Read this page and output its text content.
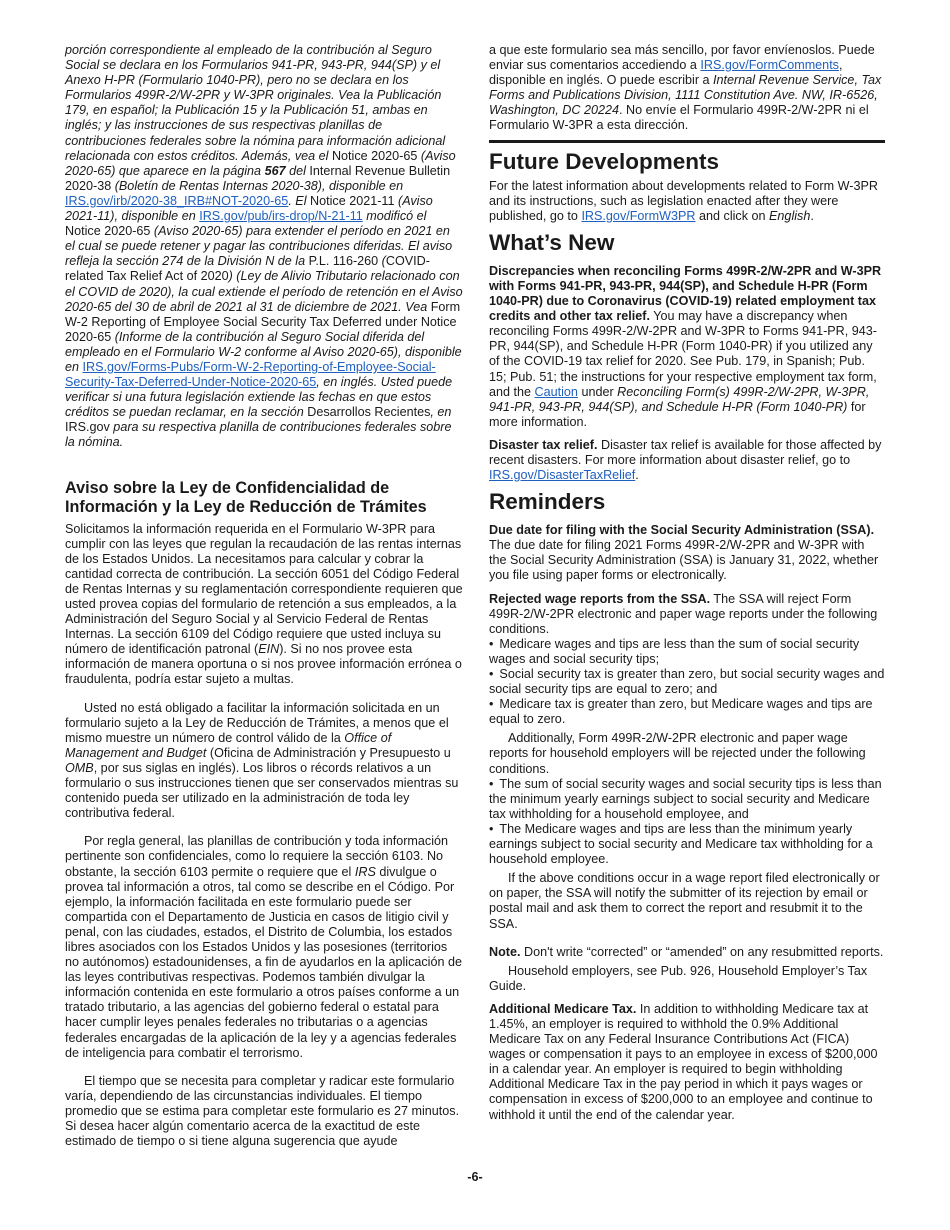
porción correspondiente al empleado de la contribución al Seguro Social se declara en los Formularios 941-PR, 943-PR, 944(SP) y el Anexo H-PR (Formulario 1040-PR), pero no se declara en los Formularios 499R-2/W-2PR y W-3PR originales. Vea la Publicación 179, en español; la Publicación 15 y la Publicación 51, ambas en inglés; y las instrucciones de sus respectivas planillas de contribuciones federales sobre la nómina para información adicional relacionada con estos créditos. Además, vea el Notice 2020-65 (Aviso 2020-65) que aparece en la página 567 del Internal Revenue Bulletin 2020-38 (Boletín de Rentas Internas 2020-38), disponible en IRS.gov/irb/2020-38_IRB#NOT-2020-65. El Notice 2021-11 (Aviso 2021-11), disponible en IRS.gov/pub/irs-drop/N-21-11 modificó el Notice 2020-65 (Aviso 2020-65) para extender el período en 2021 en el cual se puede retener y pagar las contribuciones diferidas. El aviso refleja la sección 274 de la División N de la P.L. 116-260 (COVID-related Tax Relief Act of 2020) (Ley de Alivio Tributario relacionado con el COVID de 2020), la cual extiende el período de retención en el Aviso 2020-65 del 30 de abril de 2021 al 31 de diciembre de 2021. Vea Form W-2 Reporting of Employee Social Security Tax Deferred under Notice 2020-65 (Informe de la contribución al Seguro Social diferida del empleado en el Formulario W-2 conforme al Aviso 2020-65), disponible en IRS.gov/Forms-Pubs/Form-W-2-Reporting-of-Employee-Social-Security-Tax-Deferred-Under-Notice-2020-65, en inglés. Usted puede verificar si una futura legislación extiende las fechas en que estos créditos se puedan reclamar, en la sección Desarrollos Recientes, en IRS.gov para su respectiva planilla de contribuciones federales sobre la nómina.

Aviso sobre la Ley de Confidencialidad de Información y la Ley de Reducción de Trámites

Solicitamos la información requerida en el Formulario W-3PR para cumplir con las leyes que regulan la recaudación de las rentas internas de los Estados Unidos. La necesitamos para calcular y cobrar la cantidad correcta de contribución. La sección 6051 del Código Federal de Rentas Internas y su reglamentación correspondiente requieren que usted provea copias del formulario de retención a sus empleados, a la Administración del Seguro Social y al Servicio Federal de Rentas Internas. La sección 6109 del Código requiere que usted incluya su número de identificación patronal (EIN). Si no nos provee esta información de manera oportuna o si nos provee información errónea o fraudulenta, podría estar sujeto a multas.

Usted no está obligado a facilitar la información solicitada en un formulario sujeto a la Ley de Reducción de Trámites, a menos que el mismo muestre un número de control válido de la Office of Management and Budget (Oficina de Administración y Presupuesto u OMB, por sus siglas en inglés). Los libros o récords relativos a un formulario o sus instrucciones tienen que ser conservados mientras su contenido pueda ser utilizado en la administración de toda ley contributiva federal.

Por regla general, las planillas de contribución y toda información pertinente son confidenciales, como lo requiere la sección 6103. No obstante, la sección 6103 permite o requiere que el IRS divulgue o provea tal información a otros, tal como se describe en el Código. Por ejemplo, la información facilitada en este formulario puede ser compartida con el Departamento de Justicia en casos de litigio civil y penal, con las ciudades, estados, el Distrito de Columbia, los estados libres asociados con los Estados Unidos y las posesiones (territorios no autónomos) estadounidenses, a fin de ayudarlos en la aplicación de las leyes contributivas respectivas. Podemos también divulgar la información contenida en este formulario a otros países conforme a un tratado tributario, a las agencias del gobierno federal o estatal para hacer cumplir leyes penales federales no tributarias o a agencias federales encargadas de la aplicación de la ley y a agencias federales de inteligencia para combatir el terrorismo.

El tiempo que se necesita para completar y radicar este formulario varía, dependiendo de las circunstancias individuales. El tiempo promedio que se estima para completar este formulario es 27 minutos. Si desea hacer algún comentario acerca de la exactitud de este estimado de tiempo o si tiene alguna sugerencia que ayude

a que este formulario sea más sencillo, por favor envíenoslos. Puede enviar sus comentarios accediendo a IRS.gov/FormComments, disponible en inglés. O puede escribir a Internal Revenue Service, Tax Forms and Publications Division, 1111 Constitution Ave. NW, IR-6526, Washington, DC 20224. No envíe el Formulario 499R-2/W-2PR ni el Formulario W-3PR a esta dirección.

Future Developments

For the latest information about developments related to Form W-3PR and its instructions, such as legislation enacted after they were published, go to IRS.gov/FormW3PR and click on English.

What’s New

Discrepancies when reconciling Forms 499R-2/W-2PR and W-3PR with Forms 941-PR, 943-PR, 944(SP), and Schedule H-PR (Form 1040-PR) due to Coronavirus (COVID-19) related employment tax credits and other tax relief. You may have a discrepancy when reconciling Forms 499R-2/W-2PR and W-3PR to Forms 941-PR, 943-PR, 944(SP), and Schedule H-PR (Form 1040-PR) if you utilized any of the COVID-19 tax relief for 2020. See Pub. 179, in Spanish; Pub. 15; Pub. 51; the instructions for your respective employment tax form, and the Caution under Reconciling Form(s) 499R-2/W-2PR, W-3PR, 941-PR, 943-PR, 944(SP), and Schedule H-PR (Form 1040-PR) for more information.

Disaster tax relief. Disaster tax relief is available for those affected by recent disasters. For more information about disaster relief, go to IRS.gov/DisasterTaxRelief.

Reminders

Due date for filing with the Social Security Administration (SSA). The due date for filing 2021 Forms 499R-2/W-2PR and W-3PR with the Social Security Administration (SSA) is January 31, 2022, whether you file using paper forms or electronically.

Rejected wage reports from the SSA. The SSA will reject Form 499R-2/W-2PR electronic and paper wage reports under the following conditions.

• Medicare wages and tips are less than the sum of social security wages and social security tips;
• Social security tax is greater than zero, but social security wages and social security tips are equal to zero; and
• Medicare tax is greater than zero, but Medicare wages and tips are equal to zero.

Additionally, Form 499R-2/W-2PR electronic and paper wage reports for household employers will be rejected under the following conditions.

• The sum of social security wages and social security tips is less than the minimum yearly earnings subject to social security and Medicare tax withholding for a household employee, and
• The Medicare wages and tips are less than the minimum yearly earnings subject to social security and Medicare tax withholding for a household employee.

If the above conditions occur in a wage report filed electronically or on paper, the SSA will notify the submitter of its rejection by email or postal mail and ask them to correct the report and resubmit it to the SSA.

Note. Don't write “corrected” or “amended” on any resubmitted reports.

Household employers, see Pub. 926, Household Employer’s Tax Guide.

Additional Medicare Tax. In addition to withholding Medicare tax at 1.45%, an employer is required to withhold the 0.9% Additional Medicare Tax on any Federal Insurance Contributions Act (FICA) wages or compensation it pays to an employee in excess of $200,000 in a calendar year. An employer is required to begin withholding Additional Medicare Tax in the pay period in which it pays wages or compensation in excess of $200,000 to an employee and continue to withhold it until the end of the calendar year.

-6-
